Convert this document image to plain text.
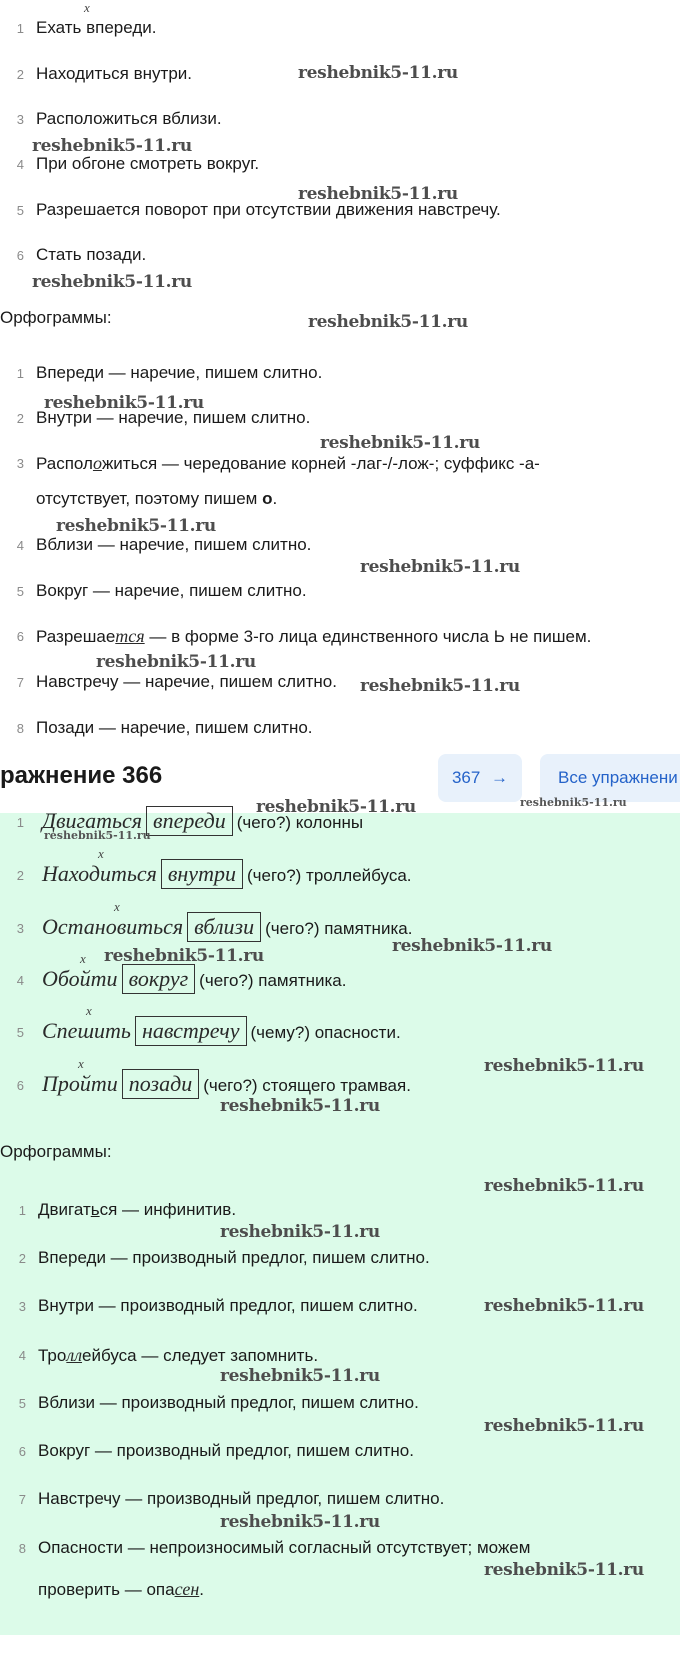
х
1 Ехать впереди.
2 Находиться внутри.
3 Расположиться вблизи.
4 При обгоне смотреть вокруг.
5 Разрешается поворот при отсутствии движения навстречу.
6 Стать позади.
Орфограммы:
1 Впереди — наречие, пишем слитно.
2 Внутри — наречие, пишем слитно.
3 Расположиться — чередование корней -лаг-/-лож-; суффикс -а-
отсутствует, поэтому пишем о.
4 Вблизи — наречие, пишем слитно.
5 Вокруг — наречие, пишем слитно.
6 Разрешается — в форме 3-го лица единственного числа Ь не пишем.
7 Навстречу — наречие, пишем слитно.
8 Позади — наречие, пишем слитно.
ражнение 366	367 →	Все упражнени
1 Двигаться впереди (чего?) колонны
х
2 Находиться внутри (чего?) троллейбуса.
х
3 Остановиться вблизи (чего?) памятника.
х
4 Обойти вокруг (чего?) памятника.
х
5 Спешить навстречу (чему?) опасности.
х
6 Пройти позади (чего?) стоящего трамвая.
Орфограммы:
1 Двигаться — инфинитив.
2 Впереди — производный предлог, пишем слитно.
3 Внутри — производный предлог, пишем слитно.
4 Троллейбуса — следует запомнить.
5 Вблизи — производный предлог, пишем слитно.
6 Вокруг — производный предлог, пишем слитно.
7 Навстречу — производный предлог, пишем слитно.
8 Опасности — непроизносимый согласный отсутствует; можем
проверить — опасен.
reshebnik5-11.ru
reshebnik5-11.ru
reshebnik5-11.ru
reshebnik5-11.ru
reshebnik5-11.ru
reshebnik5-11.ru
reshebnik5-11.ru
reshebnik5-11.ru
reshebnik5-11.ru
reshebnik5-11.ru
reshebnik5-11.ru
reshebnik5-11.ru	reshebnik5-11.ru
reshebnik5-11.ru
reshebnik5-11.ru
reshebnik5-11.ru
reshebnik5-11.ru
reshebnik5-11.ru
reshebnik5-11.ru
reshebnik5-11.ru
reshebnik5-11.ru
reshebnik5-11.ru
reshebnik5-11.ru
reshebnik5-11.ru
reshebnik5-11.ru
